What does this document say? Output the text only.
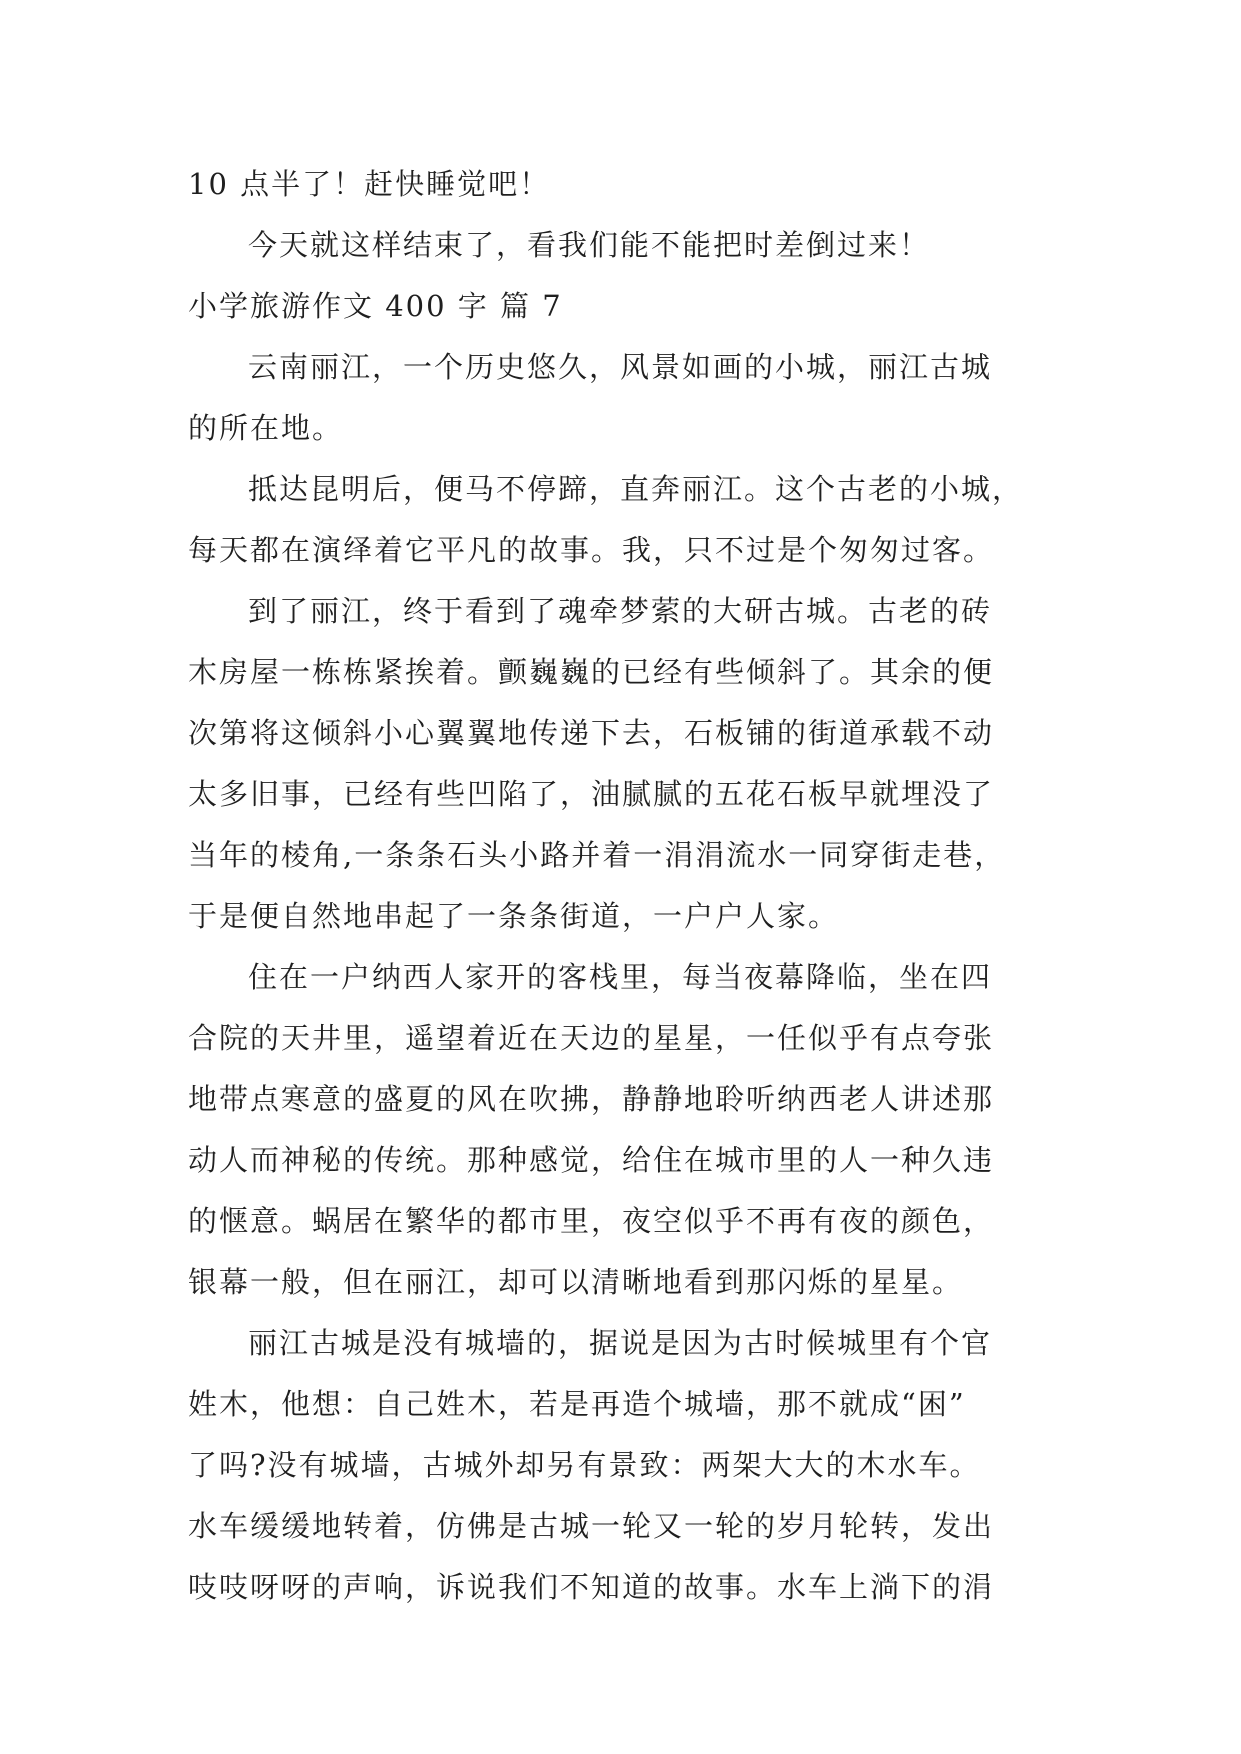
10 点半了！赶快睡觉吧！

今天就这样结束了，看我们能不能把时差倒过来！

小学旅游作文 400 字 篇 7

云南丽江，一个历史悠久，风景如画的小城，丽江古城

的所在地。

抵达昆明后，便马不停蹄，直奔丽江。这个古老的小城，

每天都在演绎着它平凡的故事。我，只不过是个匆匆过客。

到了丽江，终于看到了魂牵梦萦的大研古城。古老的砖

木房屋一栋栋紧挨着。颤巍巍的已经有些倾斜了。其余的便

次第将这倾斜小心翼翼地传递下去，石板铺的街道承载不动

太多旧事，已经有些凹陷了，油腻腻的五花石板早就埋没了

当年的棱角,一条条石头小路并着一涓涓流水一同穿街走巷，

于是便自然地串起了一条条街道，一户户人家。

住在一户纳西人家开的客栈里，每当夜幕降临，坐在四

合院的天井里，遥望着近在天边的星星，一任似乎有点夸张

地带点寒意的盛夏的风在吹拂，静静地聆听纳西老人讲述那

动人而神秘的传统。那种感觉，给住在城市里的人一种久违

的惬意。蜗居在繁华的都市里，夜空似乎不再有夜的颜色，

银幕一般，但在丽江，却可以清晰地看到那闪烁的星星。

丽江古城是没有城墙的，据说是因为古时候城里有个官

姓木，他想：自己姓木，若是再造个城墙，那不就成“困”

了吗?没有城墙，古城外却另有景致：两架大大的木水车。

水车缓缓地转着，仿佛是古城一轮又一轮的岁月轮转，发出

吱吱呀呀的声响，诉说我们不知道的故事。水车上淌下的涓
